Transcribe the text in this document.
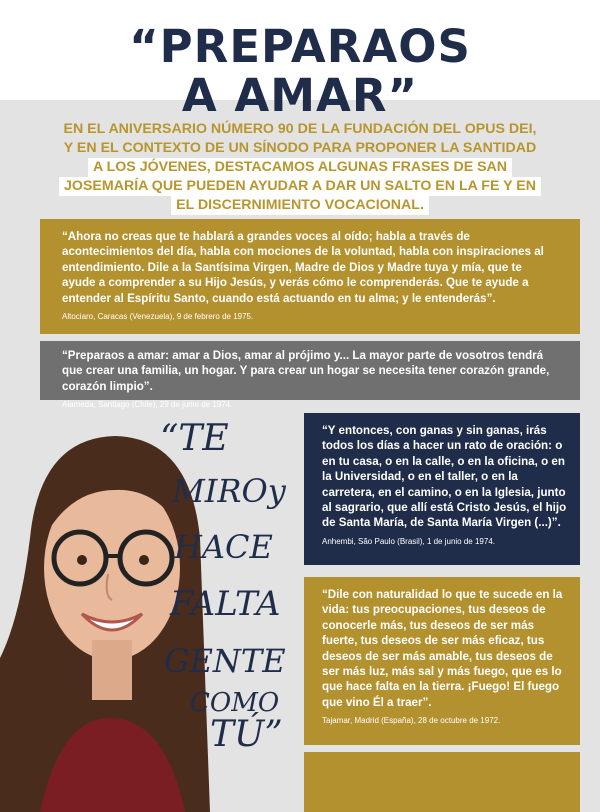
“PREPARAOS
A AMAR”
EN EL ANIVERSARIO NÚMERO 90 DE LA FUNDACIÓN DEL OPUS DEI, Y EN EL CONTEXTO DE UN SÍNODO PARA PROPONER LA SANTIDAD A LOS JÓVENES, DESTACAMOS ALGUNAS FRASES DE SAN JOSEMARÍA QUE PUEDEN AYUDAR A DAR UN SALTO EN LA FE Y EN EL DISCERNIMIENTO VOCACIONAL.
“Ahora no creas que te hablará a grandes voces al oído; habla a través de acontecimientos del día, habla con mociones de la voluntad, habla con inspiraciones al entendimiento. Dile a la Santísima Virgen, Madre de Dios y Madre tuya y mía, que te ayude a comprender a su Hijo Jesús, y verás cómo le comprenderás. Que te ayude a entender al Espíritu Santo, cuando está actuando en tu alma; y le entenderás”.
Altociaro, Caracas (Venezuela), 9 de febrero de 1975.
“Preparaos a amar: amar a Dios, amar al prójimo y... La mayor parte de vosotros tendrá que crear una familia, un hogar. Y para crear un hogar se necesita tener corazón grande, corazón limpio”.
Alameda, Santiago (Chile), 29 de junio de 1974.
“TE
MIROy
HACE
FALTA
GENTE
COMO
TÚ”
“Y entonces, con ganas y sin ganas, irás todos los días a hacer un rato de oración: o en tu casa, o en la calle, o en la oficina, o en la Universidad, o en el taller, o en la carretera, en el camino, o en la Iglesia, junto al sagrario, que allí está Cristo Jesús, el hijo de Santa María, de Santa María Virgen (...)”.
Anhembi, São Paulo (Brasil), 1 de junio de 1974.
“Dile con naturalidad lo que te sucede en la vida: tus preocupaciones, tus deseos de conocerle más, tus deseos de ser más fuerte, tus deseos de ser más eficaz, tus deseos de ser más amable, tus deseos de ser más luz, más sal y más fuego, que es lo que hace falta en la tierra. ¡Fuego! El fuego que vino Él a traer”.
Tajamar, Madrid (España), 28 de octubre de 1972.
